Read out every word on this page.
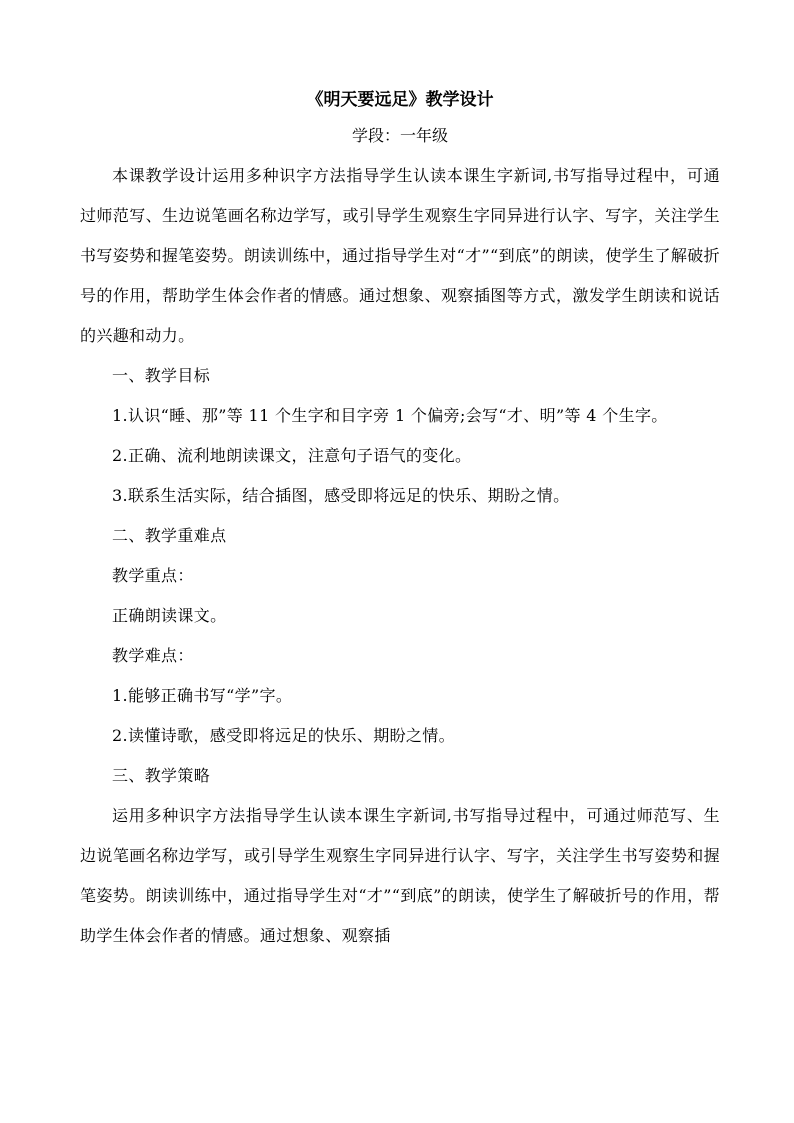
《明天要远足》教学设计

学段：一年级

本课教学设计运用多种识字方法指导学生认读本课生字新词,书写指导过程中，可通过师范写、生边说笔画名称边学写，或引导学生观察生字同异进行认字、写字，关注学生书写姿势和握笔姿势。朗读训练中，通过指导学生对“才”“到底”的朗读，使学生了解破折号的作用，帮助学生体会作者的情感。通过想象、观察插图等方式，激发学生朗读和说话的兴趣和动力。

一、教学目标

1.认识“睡、那”等 11 个生字和目字旁 1 个偏旁;会写“才、明”等 4 个生字。

2.正确、流利地朗读课文，注意句子语气的变化。

3.联系生活实际，结合插图，感受即将远足的快乐、期盼之情。

二、教学重难点

教学重点：

正确朗读课文。

教学难点：

1.能够正确书写“学”字。

2.读懂诗歌，感受即将远足的快乐、期盼之情。

三、教学策略

运用多种识字方法指导学生认读本课生字新词,书写指导过程中，可通过师范写、生边说笔画名称边学写，或引导学生观察生字同异进行认字、写字，关注学生书写姿势和握笔姿势。朗读训练中，通过指导学生对“才”“到底”的朗读，使学生了解破折号的作用，帮助学生体会作者的情感。通过想象、观察插
